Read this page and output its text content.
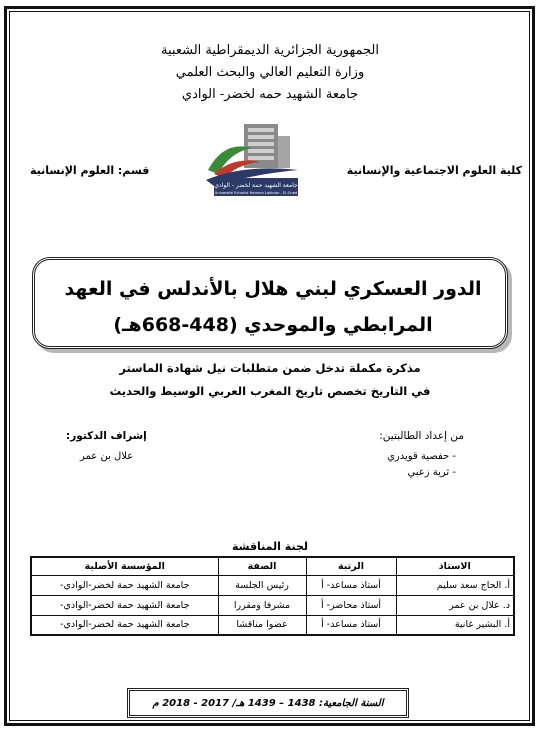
الجمهورية الجزائرية الديمقراطية الشعبية
وزارة التعليم العالي والبحث العلمي
جامعة الشهيد حمه لخضر- الوادي
جامعة الشهيد حمة لخضر - الوادي
Université Echahid Hamma Lakhdar - El-Oued
كلية العلوم الاجتماعية والإنسانية
قسم: العلوم الإنسانية
الدور العسكري لبني هلال بالأندلس في العهد
المرابطي والموحدي (448-668هـ)
مذكرة مكملة تدخل ضمن متطلبات نيل شهادة الماستر
في التاريخ تخصص تاريخ المغرب العربي الوسيط والحديث
من إعداد الطالبتين:
- حفصية قويدري
- ثرية زعبي
إشراف الدكتور:
علال بن عمر
لجنة المناقشة
الاستاذ	الرتبة	الصفة	المؤسسة الأصلية
أ. الحاج سعد سليم	أستاذ مساعد- أ	رئيس الجلسة	جامعة الشهيد حمة لخضر-الوادي-
د. علال بن عمر	أستاذ محاضر- أ	مشرفا ومقررا	جامعة الشهيد حمة لخضر-الوادي-
أ. البشير غانية	أستاذ مساعد- أ	عضوا مناقشا	جامعة الشهيد حمة لخضر-الوادي-
السنة الجامعية: 1438 – 1439 هـ/ 2017 - 2018 م
